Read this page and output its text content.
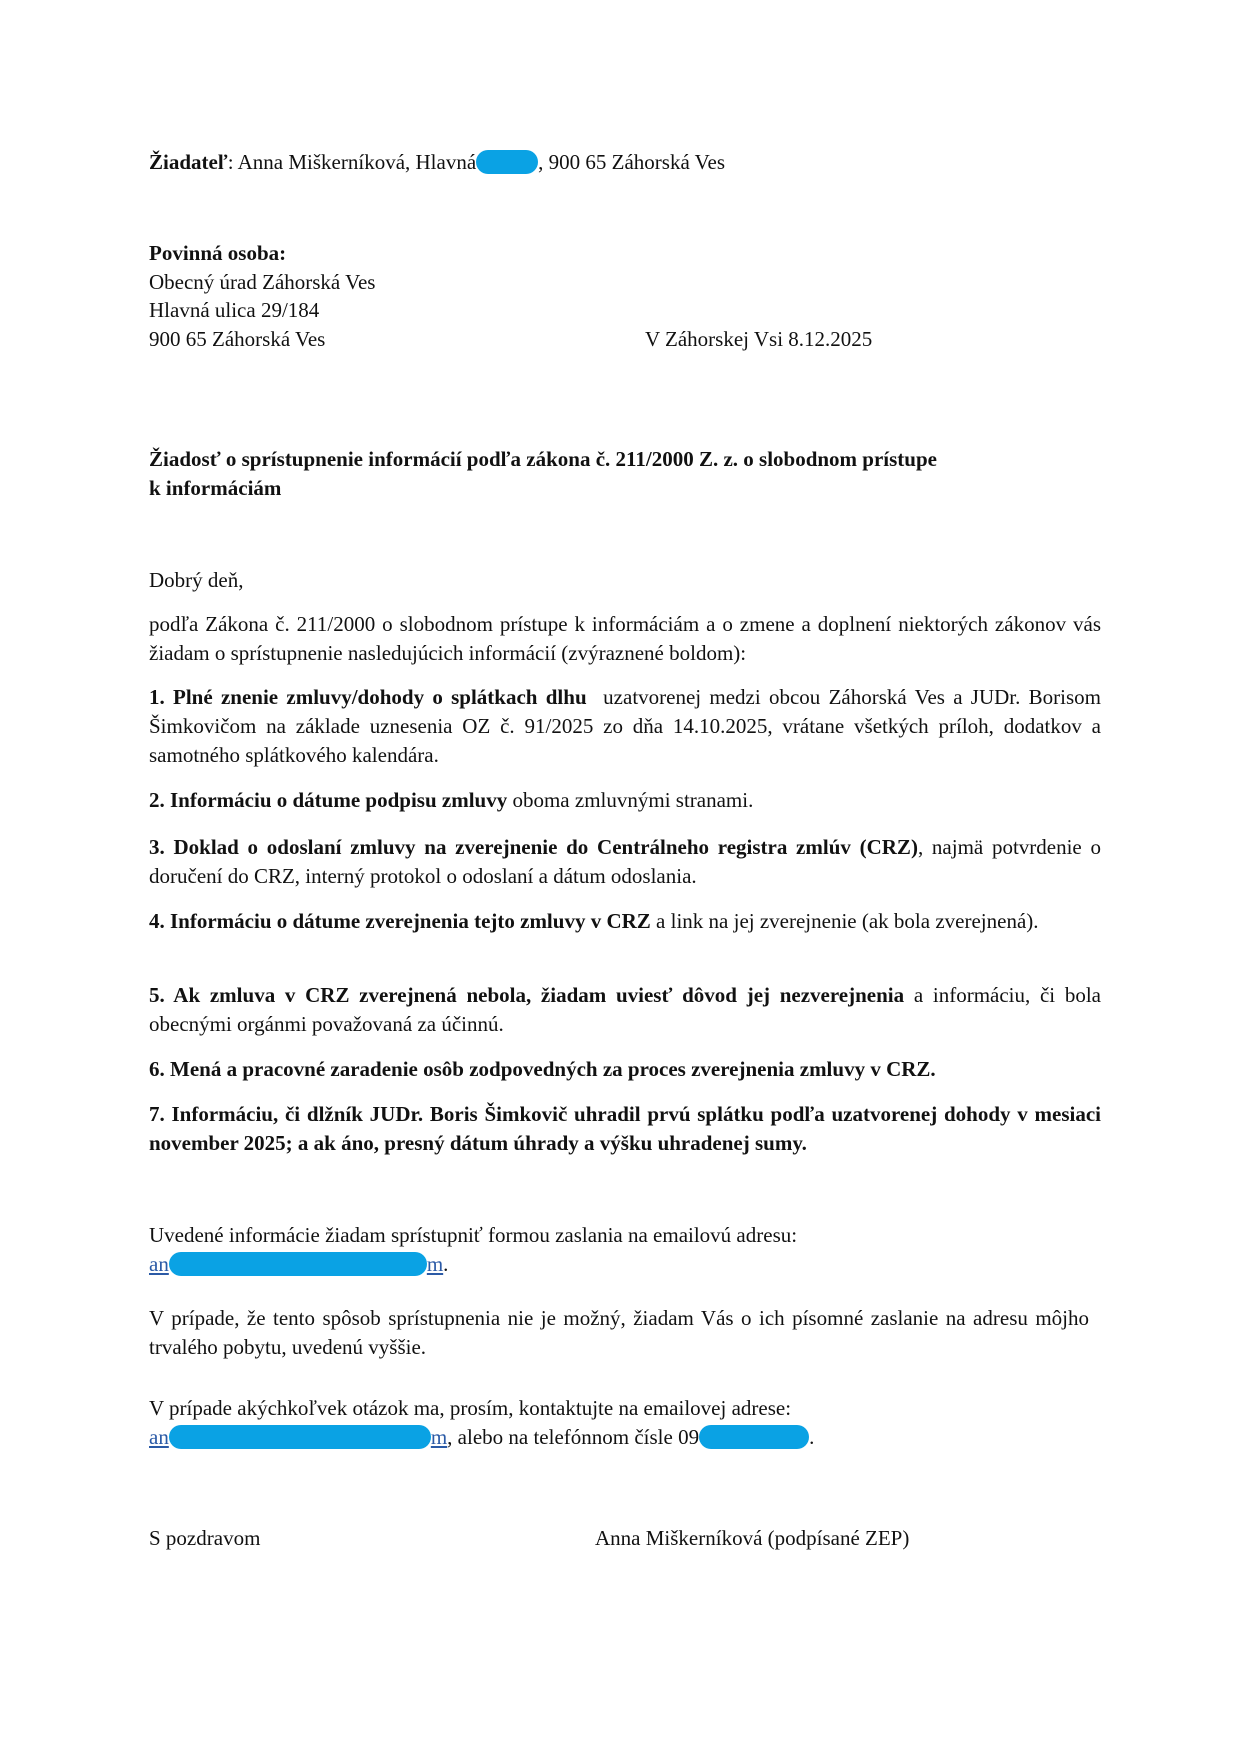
Žiadateľ: Anna Miškerníková, Hlavná	, 900 65 Záhorská Ves
Povinná osoba:
Obecný úrad Záhorská Ves
Hlavná ulica 29/184
900 65 Záhorská Ves	V Záhorskej Vsi 8.12.2025
Žiadosť o sprístupnenie informácií podľa zákona č. 211/2000 Z. z. o slobodnom prístupe
k informáciám
Dobrý deň,
podľa Zákona č. 211/2000 o slobodnom prístupe k informáciám a o zmene a doplnení niektorých zákonov vás žiadam o sprístupnenie nasledujúcich informácií (zvýraznené boldom):
1. Plné znenie zmluvy/dohody o splátkach dlhu  uzatvorenej medzi obcou Záhorská Ves a JUDr. Borisom Šimkovičom na základe uznesenia OZ č. 91/2025 zo dňa 14.10.2025, vrátane všetkých príloh, dodatkov a samotného splátkového kalendára.
2. Informáciu o dátume podpisu zmluvy oboma zmluvnými stranami.
3. Doklad o odoslaní zmluvy na zverejnenie do Centrálneho registra zmlúv (CRZ), najmä potvrdenie o doručení do CRZ, interný protokol o odoslaní a dátum odoslania.
4. Informáciu o dátume zverejnenia tejto zmluvy v CRZ a link na jej zverejnenie (ak bola zverejnená).
5. Ak zmluva v CRZ zverejnená nebola, žiadam uviesť dôvod jej nezverejnenia a informáciu, či bola obecnými orgánmi považovaná za účinnú.
6. Mená a pracovné zaradenie osôb zodpovedných za proces zverejnenia zmluvy v CRZ.
7. Informáciu, či dlžník JUDr. Boris Šimkovič uhradil prvú splátku podľa uzatvorenej dohody v mesiaci november 2025; a ak áno, presný dátum úhrady a výšku uhradenej sumy.
Uvedené informácie žiadam sprístupniť formou zaslania na emailovú adresu:
an	m.
V prípade, že tento spôsob sprístupnenia nie je možný, žiadam Vás o ich písomné zaslanie na adresu môjho trvalého pobytu, uvedenú vyššie.
V prípade akýchkoľvek otázok ma, prosím, kontaktujte na emailovej adrese:
an	m, alebo na telefónnom čísle 09	.
S pozdravom	Anna Miškerníková (podpísané ZEP)
